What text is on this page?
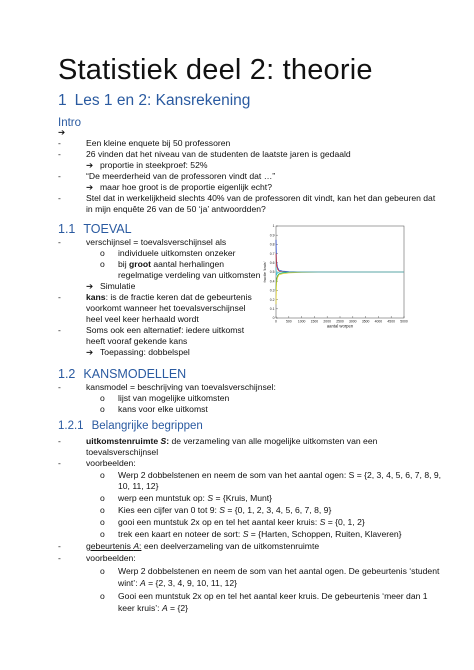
Statistiek deel 2: theorie
1 Les 1 en 2: Kansrekening
Intro
➔
-	Een kleine enquete bij 50 professoren
-	26 vinden dat het niveau van de studenten de laatste jaren is gedaald
➔ proportie in steekproef: 52%
-	“De meerderheid van de professoren vindt dat …”
➔ maar hoe groot is de proportie eigenlijk echt?
-	Stel dat in werkelijkheid slechts 40% van de professoren dit vindt, kan het dan gebeuren dat
in mijn enquête 26 van de 50 ‘ja’ antwoordden?
1.1 TOEVAL
-	verschijnsel = toevalsverschijnsel als
o individuele uitkomsten onzeker
o bij groot aantal herhalingen
regelmatige verdeling van uitkomsten
➔ Simulatie
-	kans: is de fractie keren dat de gebeurtenis
voorkomt wanneer het toevalsverschijnsel
heel veel keer herhaald wordt
-	Soms ook een alternatief: iedere uitkomst
heeft vooraf gekende kans
➔ Toepassing: dobbelspel
0
0.1
0.2
0.3
0.4
0.5
0.6
0.7
0.8
0.9
1
0	500 1000 1500 2000 2500 3000 3500 4000 4500 5000
aantal worpen
fractie 'kruis'
1.2 KANSMODELLEN
-	kansmodel = beschrijving van toevalsverschijnsel:
o lijst van mogelijke uitkomsten
o kans voor elke uitkomst
1.2.1 Belangrijke begrippen
-	uitkomstenruimte S: de verzameling van alle mogelijke uitkomsten van een
toevalsverschijnsel
-	voorbeelden:
o Werp 2 dobbelstenen en neem de som van het aantal ogen: S = {2, 3, 4, 5, 6, 7, 8, 9,
10, 11, 12}
o werp een muntstuk op: S = {Kruis, Munt}
o Kies een cijfer van 0 tot 9: S = {0, 1, 2, 3, 4, 5, 6, 7, 8, 9}
o gooi een muntstuk 2x op en tel het aantal keer kruis: S = {0, 1, 2}
o trek een kaart en noteer de sort: S = {Harten, Schoppen, Ruiten, Klaveren}
-	gebeurtenis A: een deelverzameling van de uitkomstenruimte
-	voorbeelden:
o Werp 2 dobbelstenen en neem de som van het aantal ogen. De gebeurtenis ‘student
wint’: A = {2, 3, 4, 9, 10, 11, 12}
o Gooi een muntstuk 2x op en tel het aantal keer kruis. De gebeurtenis ‘meer dan 1
keer kruis’: A = {2}
